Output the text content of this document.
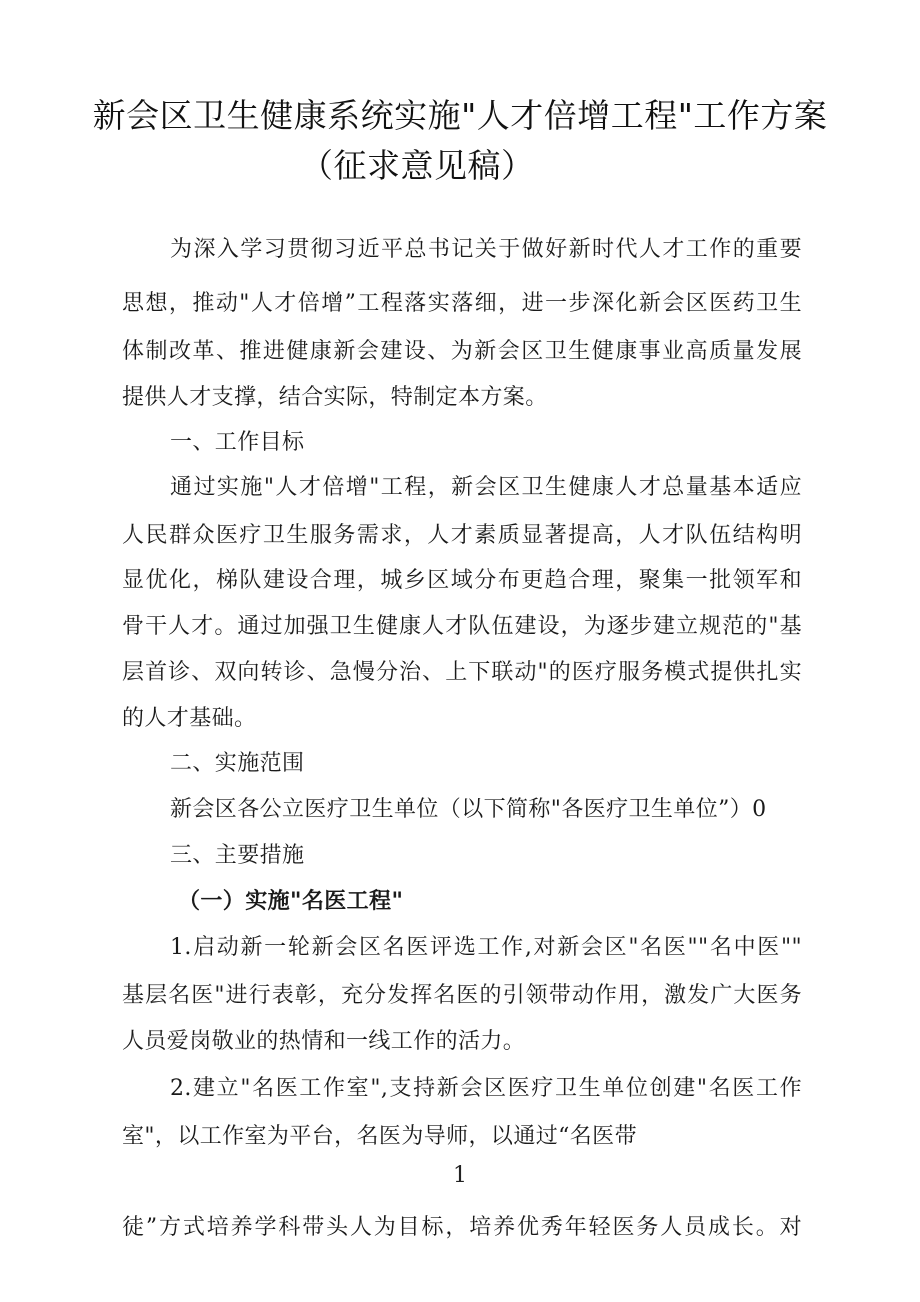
新会区卫生健康系统实施"人才倍增工程"工作方案
（征求意见稿）
为深入学习贯彻习近平总书记关于做好新时代人才工作的重要
思想，推动"人才倍增”工程落实落细，进一步深化新会区医药卫生
体制改革、推进健康新会建设、为新会区卫生健康事业高质量发展
提供人才支撑，结合实际，特制定本方案。
一、工作目标
通过实施"人才倍增"工程，新会区卫生健康人才总量基本适应
人民群众医疗卫生服务需求，人才素质显著提高，人才队伍结构明
显优化，梯队建设合理，城乡区域分布更趋合理，聚集一批领军和
骨干人才。通过加强卫生健康人才队伍建设，为逐步建立规范的"基
层首诊、双向转诊、急慢分治、上下联动"的医疗服务模式提供扎实
的人才基础。
二、实施范围
新会区各公立医疗卫生单位（以下简称"各医疗卫生单位”）0
三、主要措施
（一）实施"名医工程"
1.启动新一轮新会区名医评选工作,对新会区"名医""名中医""
基层名医"进行表彰，充分发挥名医的引领带动作用，激发广大医务
人员爱岗敬业的热情和一线工作的活力。
2.建立"名医工作室",支持新会区医疗卫生单位创建"名医工作
室"，以工作室为平台，名医为导师，以通过“名医带
1
徒”方式培养学科带头人为目标，培养优秀年轻医务人员成长。对
